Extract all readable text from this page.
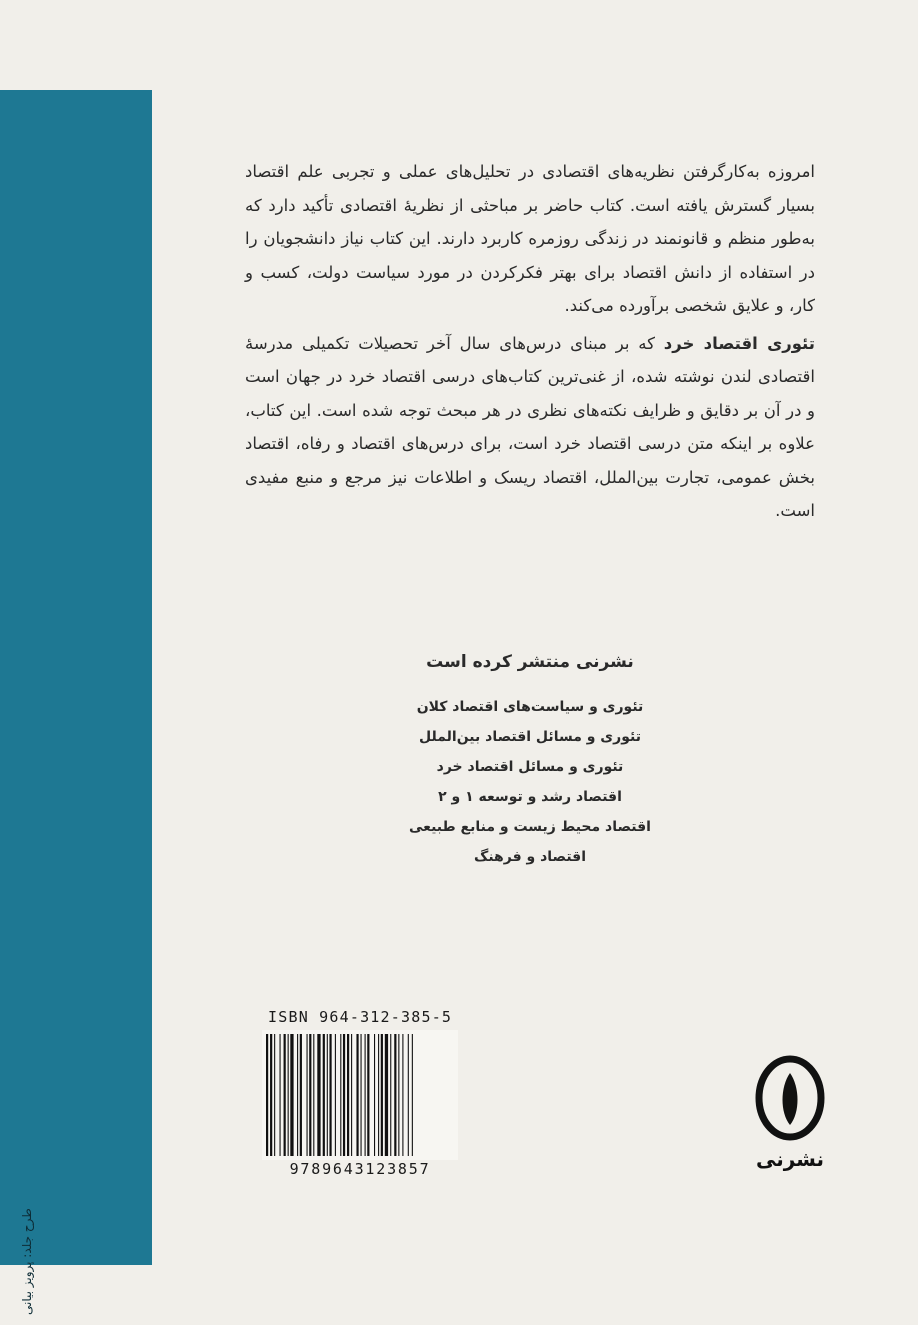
طرح جلد: پرویز بیانی

امروزه به‌کارگرفتن نظریه‌های اقتصادی در تحلیل‌های عملی و تجربی علم اقتصاد بسیار گسترش یافته است. کتاب حاضر بر مباحثی از نظریهٔ اقتصادی تأکید دارد که به‌طور منظم و قانونمند در زندگی روزمره کاربرد دارند. این کتاب نیاز دانشجویان را در استفاده از دانش اقتصاد برای بهتر فکرکردن در مورد سیاست دولت، کسب و کار، و علایق شخصی برآورده می‌کند.

تئوری اقتصاد خرد که بر مبنای درس‌های سال آخر تحصیلات تکمیلی مدرسهٔ اقتصادی لندن نوشته شده، از غنی‌ترین کتاب‌های درسی اقتصاد خرد در جهان است و در آن بر دقایق و ظرایف نکته‌های نظری در هر مبحث توجه شده است. این کتاب، علاوه بر اینکه متن درسی اقتصاد خرد است، برای درس‌های اقتصاد و رفاه، اقتصاد بخش عمومی، تجارت بین‌الملل، اقتصاد ریسک و اطلاعات نیز مرجع و منبع مفیدی است.

نشرنی منتشر کرده است
تئوری و سیاست‌های اقتصاد کلان
تئوری و مسائل اقتصاد بین‌الملل
تئوری و مسائل اقتصاد خرد
اقتصاد رشد و توسعه ۱ و ۲
اقتصاد محیط زیست و منابع طبیعی
اقتصاد و فرهنگ
ISBN 964-312-385-5
9789643123857	نشرنی
